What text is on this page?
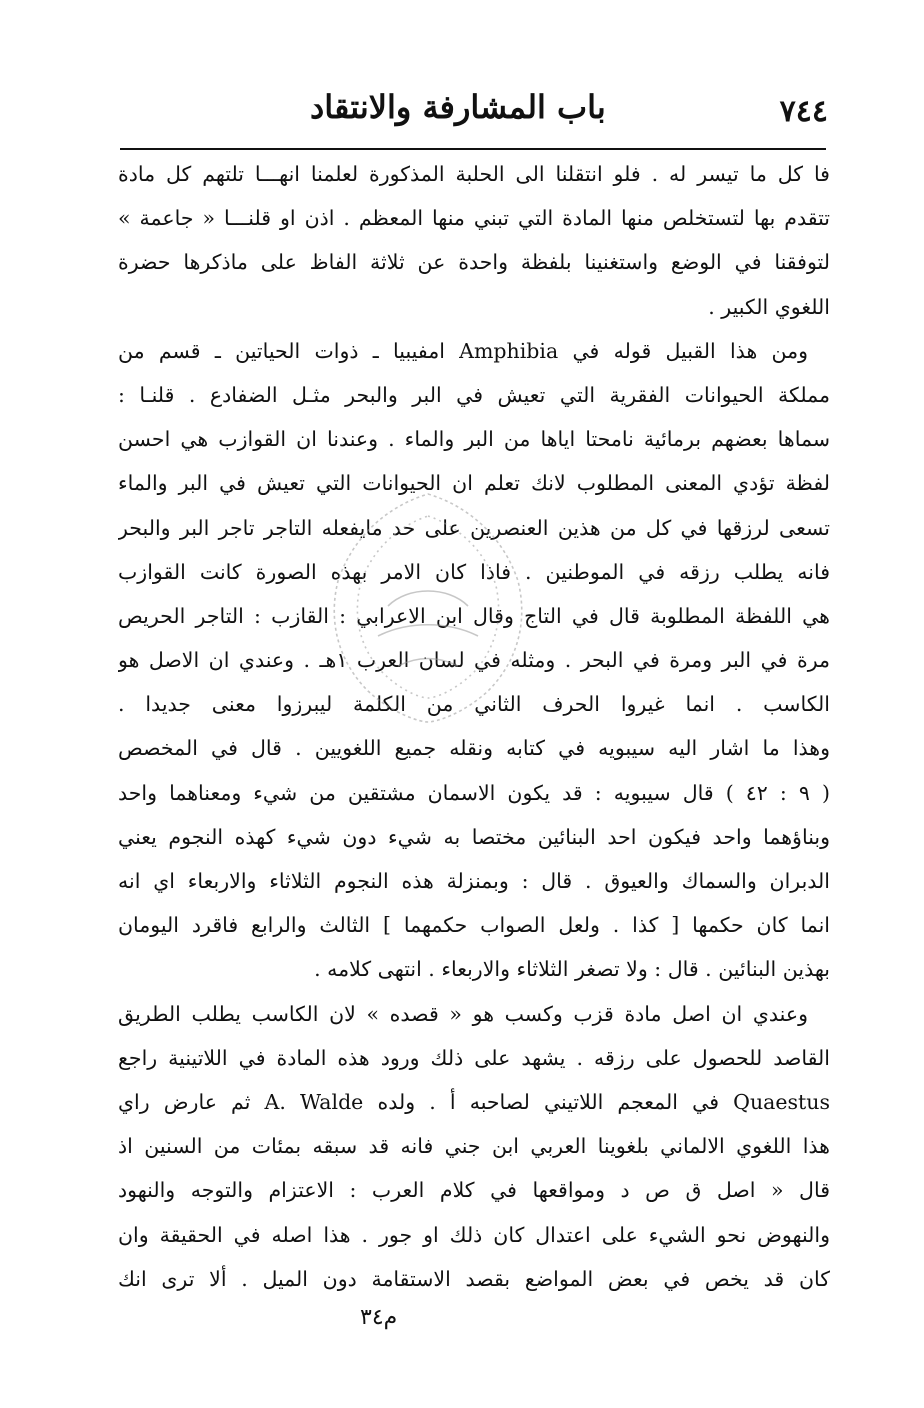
٧٤٤
باب المشارفة والانتقاد
فا كل ما تيسر له . فلو انتقلنا الى الحلبة المذكورة لعلمنا انهـــا تلتهم كل مادة
تتقدم بها لتستخلص منها المادة التي تبني منها المعظم . اذن او قلنـــا « جاعمة »
لتوفقنا في الوضع واستغنينا بلفظة واحدة عن ثلاثة الفاظ على ماذكرها حضرة
اللغوي الكبير .
ومن هذا القبيل قوله في Amphibia امفيبيا ـ ذوات الحياتين ـ قسم من
مملكة الحيوانات الفقرية التي تعيش في البر والبحر مثـل الضفادع . قلنـا :
سماها بعضهم برمائية نامحتا اياها من البر والماء . وعندنا ان القوازب هي احسن
لفظة تؤدي المعنى المطلوب لانك تعلم ان الحيوانات التي تعيش في البر والماء
تسعى لرزقها في كل من هذين العنصرين على حد مايفعله التاجر تاجر البر والبحر
فانه يطلب رزقه في الموطنين . فاذا كان الامر بهذه الصورة كانت القوازب
هي اللفظة المطلوبة قال في التاج وقال ابن الاعرابي : القازب : التاجر الحريص
مرة في البر ومرة في البحر . ومثله في لسان العرب ١هـ . وعندي ان الاصل هو
الكاسب . انما غيروا الحرف الثاني من الكلمة ليبرزوا معنى جديدا .
وهذا ما اشار اليه سيبويه في كتابه ونقله جميع اللغويين . قال في المخصص
( ٩ : ٤٢ ) قال سيبويه : قد يكون الاسمان مشتقين من شيء ومعناهما واحد
وبناؤهما واحد فيكون احد البنائين مختصا به شيء دون شيء كهذه النجوم يعني
الدبران والسماك والعيوق . قال : وبمنزلة هذه النجوم الثلاثاء والاربعاء اي انه
انما كان حكمها [ كذا . ولعل الصواب حكمهما ] الثالث والرابع فاقرد اليومان
بهذين البنائين . قال : ولا تصغر الثلاثاء والاربعاء . انتهى كلامه .
وعندي ان اصل مادة قزب وكسب هو « قصده » لان الكاسب يطلب الطريق
القاصد للحصول على رزقه . يشهد على ذلك ورود هذه المادة في اللاتينية راجع
Quaestus في المعجم اللاتيني لصاحبه أ . ولده A. Walde ثم عارض راي
هذا اللغوي الالماني بلغوينا العربي ابن جني فانه قد سبقه بمئات من السنين اذ
قال « اصل ق ص د ومواقعها في كلام العرب : الاعتزام والتوجه والنهود
والنهوض نحو الشيء على اعتدال كان ذلك او جور . هذا اصله في الحقيقة وان
كان قد يخص في بعض المواضع بقصد الاستقامة دون الميل . ألا ترى انك
م٣٤
